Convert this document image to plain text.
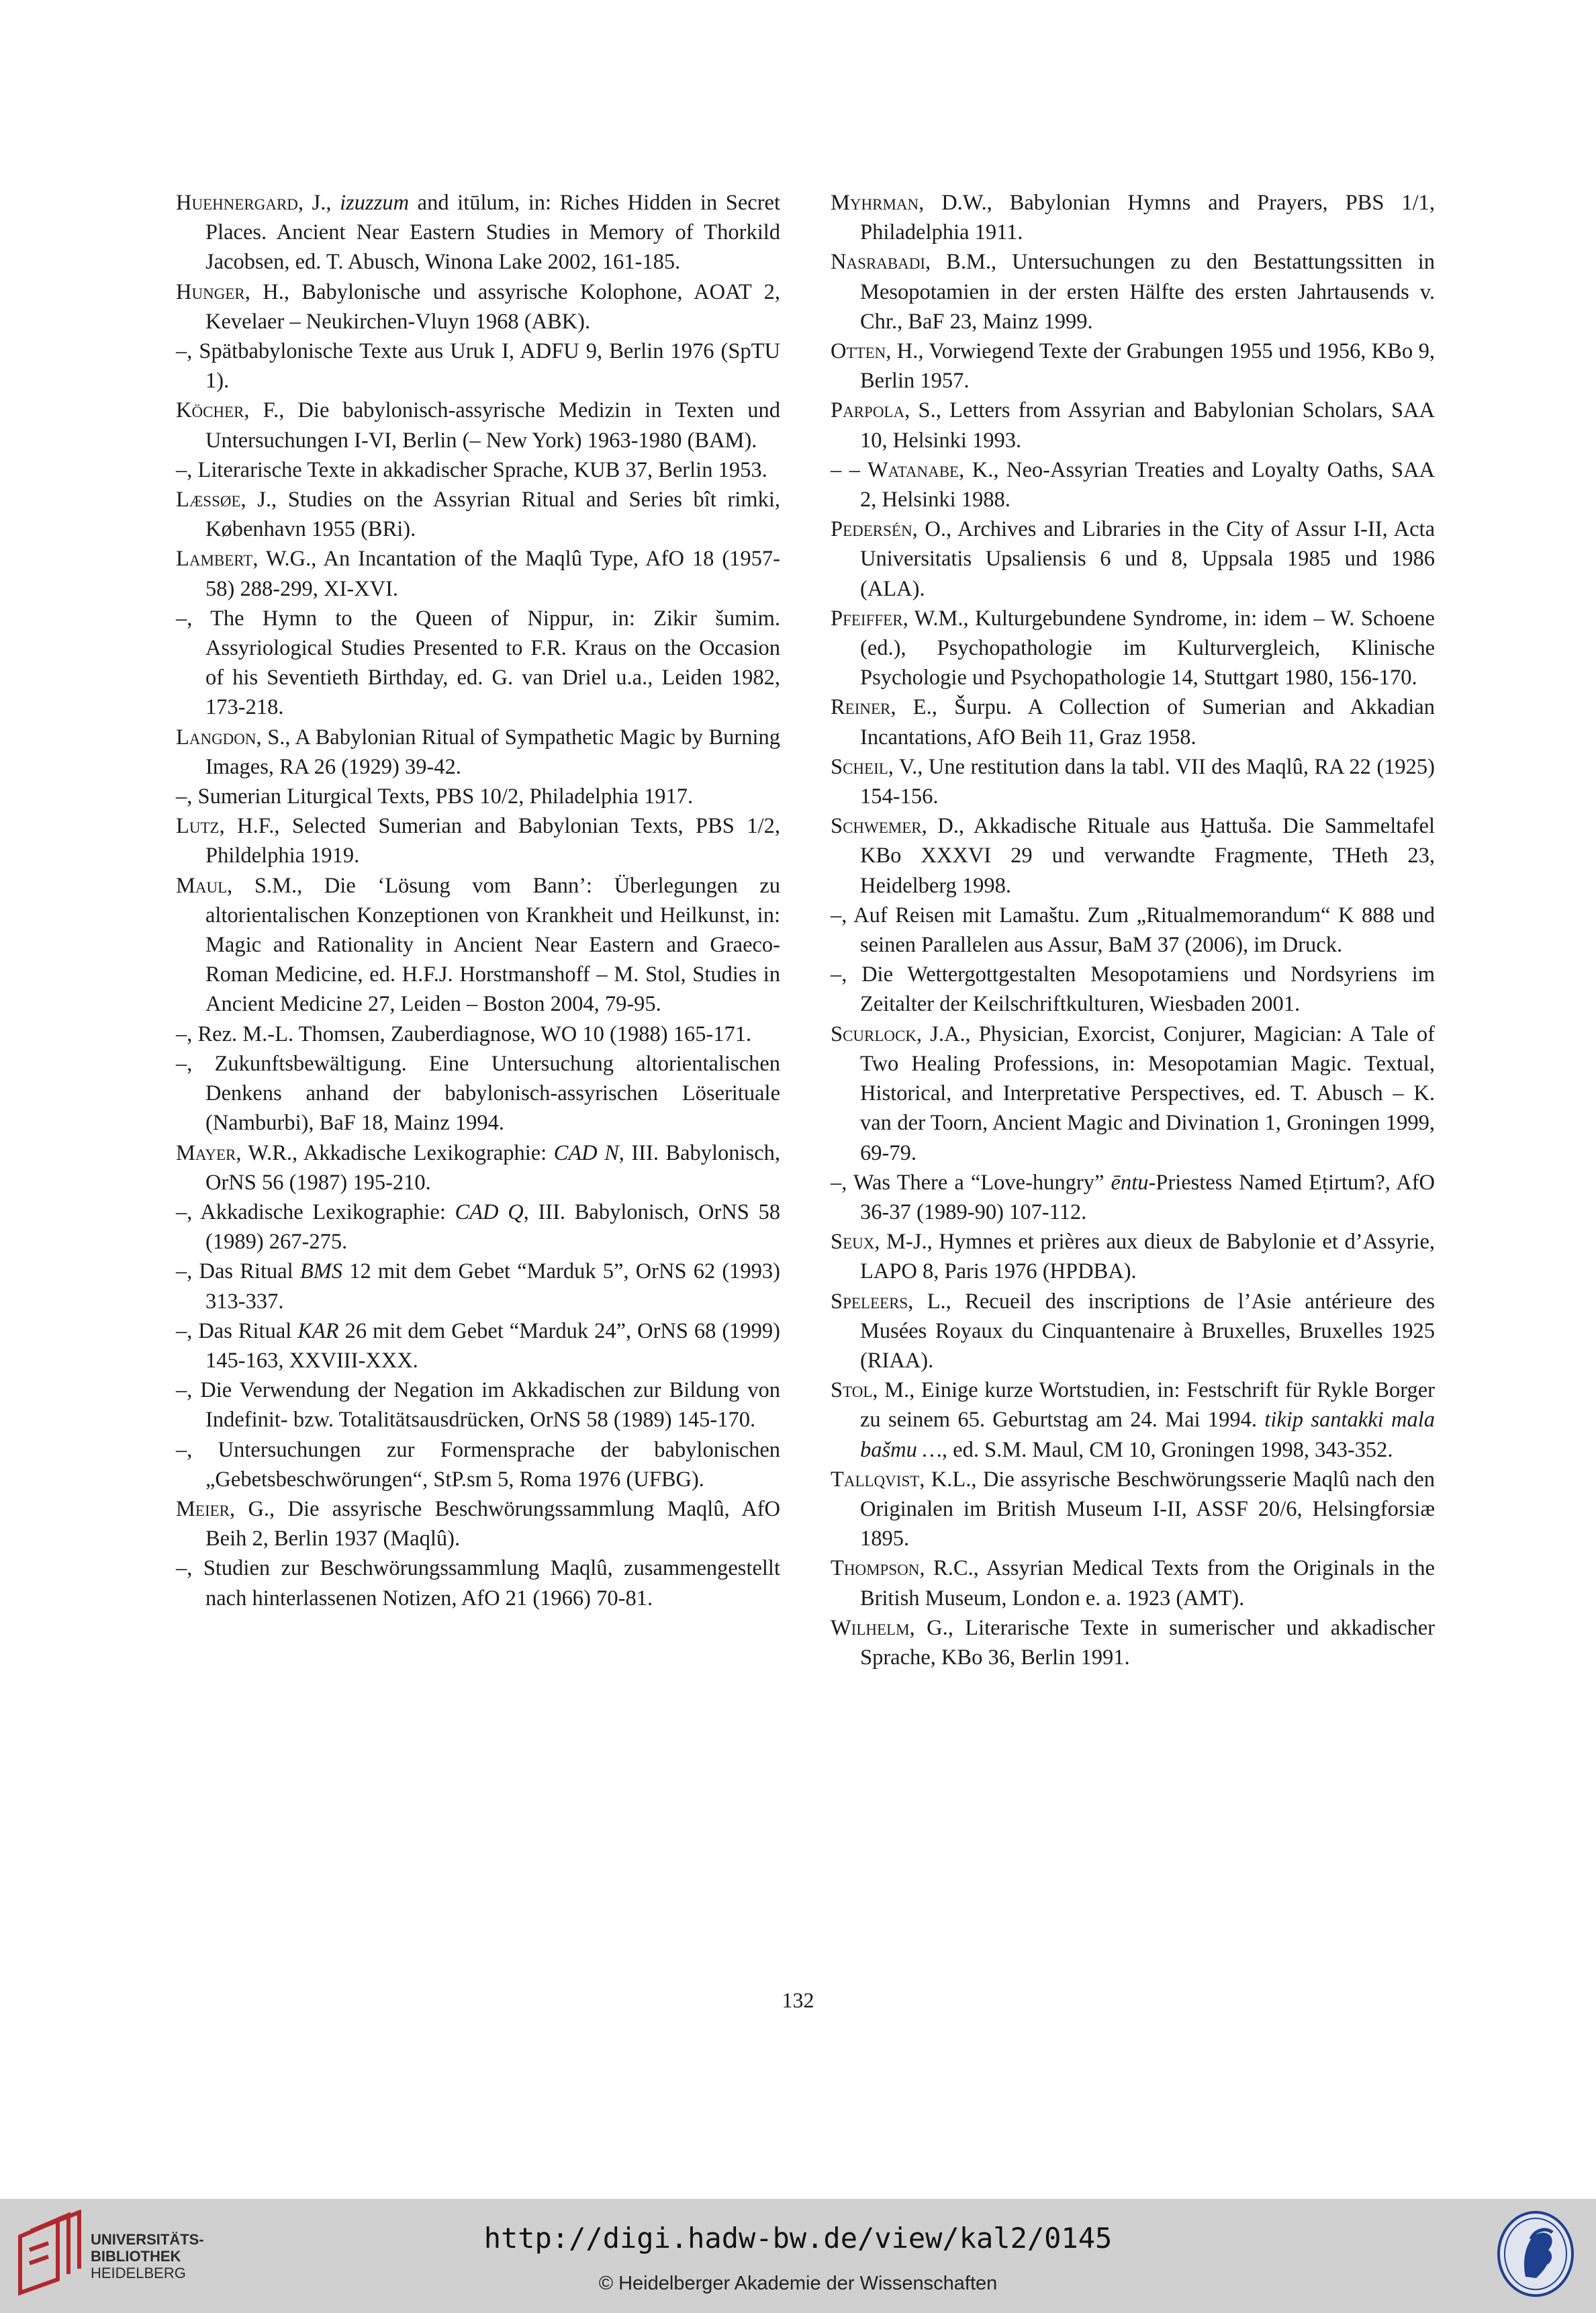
Huehnergard, J., izuzzum and itūlum, in: Riches Hidden in Secret Places. Ancient Near Eastern Studies in Memory of Thorkild Jacobsen, ed. T. Abusch, Winona Lake 2002, 161-185.

Hunger, H., Babylonische und assyrische Kolophone, AOAT 2, Kevelaer – Neukirchen-Vluyn 1968 (ABK).

–, Spätbabylonische Texte aus Uruk I, ADFU 9, Berlin 1976 (SpTU 1).

Köcher, F., Die babylonisch-assyrische Medizin in Texten und Untersuchungen I-VI, Berlin (– New York) 1963-1980 (BAM).

–, Literarische Texte in akkadischer Sprache, KUB 37, Berlin 1953.

Læssøe, J., Studies on the Assyrian Ritual and Series bît rimki, København 1955 (BRi).

Lambert, W.G., An Incantation of the Maqlû Type, AfO 18 (1957-58) 288-299, XI-XVI.

–, The Hymn to the Queen of Nippur, in: Zikir šumim. Assyriological Studies Presented to F.R. Kraus on the Occasion of his Seventieth Birthday, ed. G. van Driel u.a., Leiden 1982, 173-218.

Langdon, S., A Babylonian Ritual of Sympathetic Magic by Burning Images, RA 26 (1929) 39-42.

–, Sumerian Liturgical Texts, PBS 10/2, Philadelphia 1917.

Lutz, H.F., Selected Sumerian and Babylonian Texts, PBS 1/2, Phildelphia 1919.

Maul, S.M., Die ‘Lösung vom Bann’: Überlegungen zu altorientalischen Konzeptionen von Krankheit und Heilkunst, in: Magic and Rationality in Ancient Near Eastern and Graeco-Roman Medicine, ed. H.F.J. Horstmanshoff – M. Stol, Studies in Ancient Medicine 27, Leiden – Boston 2004, 79-95.

–, Rez. M.-L. Thomsen, Zauberdiagnose, WO 10 (1988) 165-171.

–, Zukunftsbewältigung. Eine Untersuchung altorientalischen Denkens anhand der babylonisch-assyrischen Löserituale (Namburbi), BaF 18, Mainz 1994.

Mayer, W.R., Akkadische Lexikographie: CAD N, III. Babylonisch, OrNS 56 (1987) 195-210.

–, Akkadische Lexikographie: CAD Q, III. Babylonisch, OrNS 58 (1989) 267-275.

–, Das Ritual BMS 12 mit dem Gebet “Marduk 5”, OrNS 62 (1993) 313-337.

–, Das Ritual KAR 26 mit dem Gebet “Marduk 24”, OrNS 68 (1999) 145-163, XXVIII-XXX.

–, Die Verwendung der Negation im Akkadischen zur Bildung von Indefinit- bzw. Totalitätsausdrücken, OrNS 58 (1989) 145-170.

–, Untersuchungen zur Formensprache der babylonischen „Gebetsbeschwörungen“, StP.sm 5, Roma 1976 (UFBG).

Meier, G., Die assyrische Beschwörungssammlung Maqlû, AfO Beih 2, Berlin 1937 (Maqlû).

–, Studien zur Beschwörungssammlung Maqlû, zusammengestellt nach hinterlassenen Notizen, AfO 21 (1966) 70-81.

Myhrman, D.W., Babylonian Hymns and Prayers, PBS 1/1, Philadelphia 1911.

Nasrabadi, B.M., Untersuchungen zu den Bestattungssitten in Mesopotamien in der ersten Hälfte des ersten Jahrtausends v. Chr., BaF 23, Mainz 1999.

Otten, H., Vorwiegend Texte der Grabungen 1955 und 1956, KBo 9, Berlin 1957.

Parpola, S., Letters from Assyrian and Babylonian Scholars, SAA 10, Helsinki 1993.

– – Watanabe, K., Neo-Assyrian Treaties and Loyalty Oaths, SAA 2, Helsinki 1988.

Pedersén, O., Archives and Libraries in the City of Assur I-II, Acta Universitatis Upsaliensis 6 und 8, Uppsala 1985 und 1986 (ALA).

Pfeiffer, W.M., Kulturgebundene Syndrome, in: idem – W. Schoene (ed.), Psychopathologie im Kulturvergleich, Klinische Psychologie und Psychopathologie 14, Stuttgart 1980, 156-170.

Reiner, E., Šurpu. A Collection of Sumerian and Akkadian Incantations, AfO Beih 11, Graz 1958.

Scheil, V., Une restitution dans la tabl. VII des Maqlû, RA 22 (1925) 154-156.

Schwemer, D., Akkadische Rituale aus Ḫattuša. Die Sammeltafel KBo XXXVI 29 und verwandte Fragmente, THeth 23, Heidelberg 1998.

–, Auf Reisen mit Lamaštu. Zum „Ritualmemorandum“ K 888 und seinen Parallelen aus Assur, BaM 37 (2006), im Druck.

–, Die Wettergottgestalten Mesopotamiens und Nordsyriens im Zeitalter der Keilschriftkulturen, Wiesbaden 2001.

Scurlock, J.A., Physician, Exorcist, Conjurer, Magician: A Tale of Two Healing Professions, in: Mesopotamian Magic. Textual, Historical, and Interpretative Perspectives, ed. T. Abusch – K. van der Toorn, Ancient Magic and Divination 1, Groningen 1999, 69-79.

–, Was There a “Love-hungry” ēntu-Priestess Named Eṭirtum?, AfO 36-37 (1989-90) 107-112.

Seux, M-J., Hymnes et prières aux dieux de Babylonie et d’Assyrie, LAPO 8, Paris 1976 (HPDBA).

Speleers, L., Recueil des inscriptions de l’Asie antérieure des Musées Royaux du Cinquantenaire à Bruxelles, Bruxelles 1925 (RIAA).

Stol, M., Einige kurze Wortstudien, in: Festschrift für Rykle Borger zu seinem 65. Geburtstag am 24. Mai 1994. tikip santakki mala bašmu …, ed. S.M. Maul, CM 10, Groningen 1998, 343-352.

Tallqvist, K.L., Die assyrische Beschwörungsserie Maqlû nach den Originalen im British Museum I-II, ASSF 20/6, Helsingforsiæ 1895.

Thompson, R.C., Assyrian Medical Texts from the Originals in the British Museum, London e. a. 1923 (AMT).

Wilhelm, G., Literarische Texte in sumerischer und akkadischer Sprache, KBo 36, Berlin 1991.

132
UNIVERSITÄTS-
BIBLIOTHEK
HEIDELBERG
http://digi.hadw-bw.de/view/kal2/0145
© Heidelberger Akademie der Wissenschaften
